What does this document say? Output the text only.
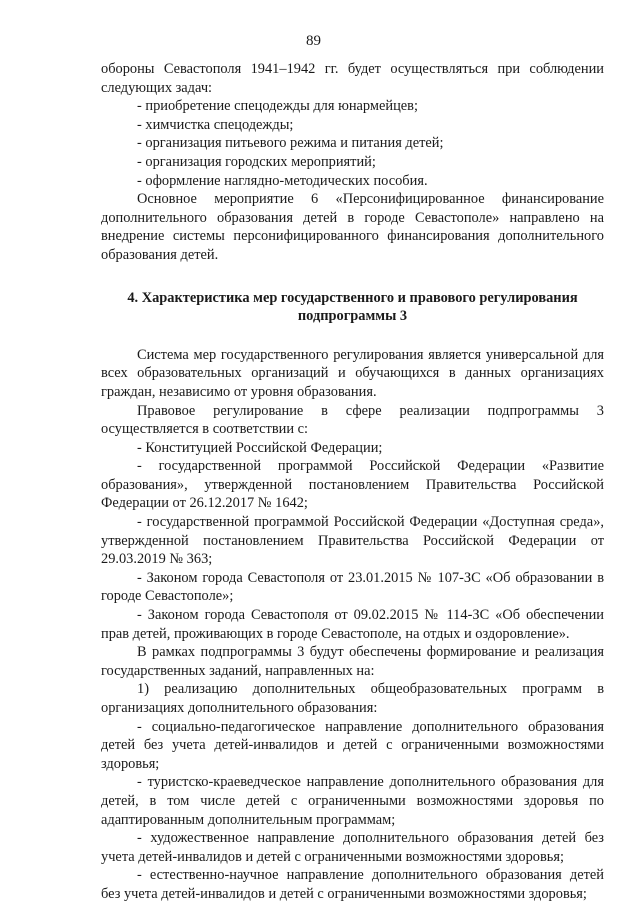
89

обороны Севастополя 1941–1942 гг. будет осуществляться при соблюдении следующих задач:

- приобретение спецодежды для юнармейцев;

- химчистка спецодежды;

- организация питьевого режима и питания детей;

- организация городских мероприятий;

- оформление наглядно-методических пособия.

Основное мероприятие 6 «Персонифицированное финансирование дополнительного образования детей в городе Севастополе» направлено на внедрение системы персонифицированного финансирования дополнительного образования детей.

4. Характеристика мер государственного и правового регулирования подпрограммы 3

Система мер государственного регулирования является универсальной для всех образовательных организаций и обучающихся в данных организациях граждан, независимо от уровня образования.

Правовое регулирование в сфере реализации подпрограммы 3 осуществляется в соответствии с:

- Конституцией Российской Федерации;

- государственной программой Российской Федерации «Развитие образования», утвержденной постановлением Правительства Российской Федерации от 26.12.2017 № 1642;

- государственной программой Российской Федерации «Доступная среда», утвержденной постановлением Правительства Российской Федерации от 29.03.2019 № 363;

- Законом города Севастополя от 23.01.2015 № 107-ЗС «Об образовании в городе Севастополе»;

- Законом города Севастополя от 09.02.2015 № 114-ЗС «Об обеспечении прав детей, проживающих в городе Севастополе, на отдых и оздоровление».

В рамках подпрограммы 3 будут обеспечены формирование и реализация государственных заданий, направленных на:

1) реализацию дополнительных общеобразовательных программ в организациях дополнительного образования:

- социально-педагогическое направление дополнительного образования детей без учета детей-инвалидов и детей с ограниченными возможностями здоровья;

- туристско-краеведческое направление дополнительного образования для детей, в том числе детей с ограниченными возможностями здоровья по адаптированным дополнительным программам;

- художественное направление дополнительного образования детей без учета детей-инвалидов и детей с ограниченными возможностями здоровья;

- естественно-научное направление дополнительного образования детей без учета детей-инвалидов и детей с ограниченными возможностями здоровья;
